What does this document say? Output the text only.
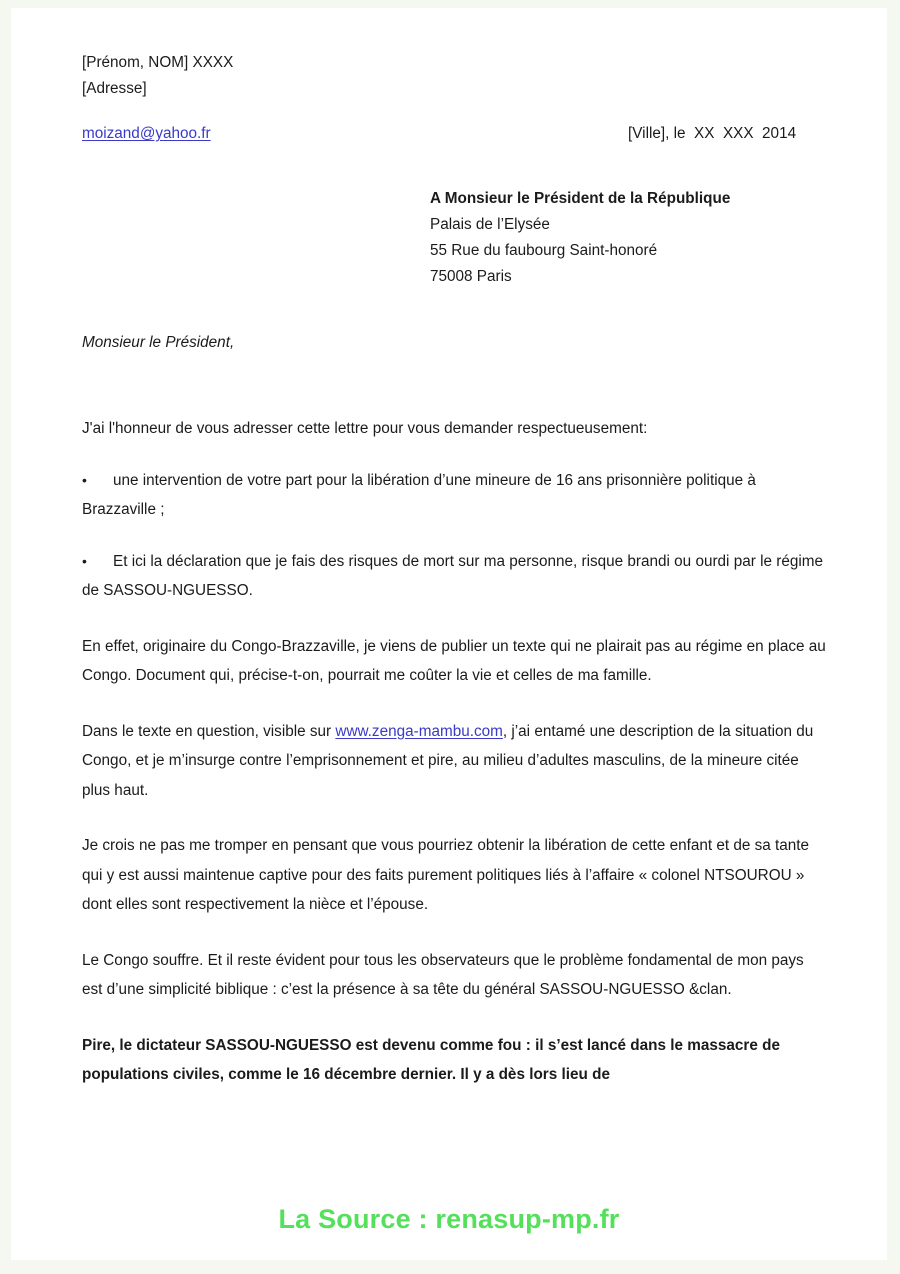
[Prénom, NOM] XXXX
[Adresse]
moizand@yahoo.fr	[Ville], le  XX  XXX  2014
A Monsieur le Président de la République
Palais de l’Elysée
55 Rue du faubourg Saint-honoré
75008 Paris
Monsieur le Président,
J'ai l'honneur de vous adresser cette lettre pour vous demander respectueusement:
•une intervention de votre part pour la libération d’une mineure de 16 ans prisonnière politique à Brazzaville ;
•Et ici la déclaration que je fais des risques de mort sur ma personne, risque brandi ou ourdi par le régime de SASSOU-NGUESSO.
En effet, originaire du Congo-Brazzaville, je viens de publier un texte qui ne plairait pas au régime en place au Congo. Document qui, précise-t-on, pourrait me coûter la vie et celles de ma famille.
Dans le texte en question, visible sur www.zenga-mambu.com, j’ai entamé une description de la situation du Congo, et je m’insurge contre l’emprisonnement et pire, au milieu d’adultes masculins, de la mineure citée plus haut.
Je crois ne pas me tromper en pensant que vous pourriez obtenir la libération de cette enfant et de sa tante qui y est aussi maintenue captive pour des faits purement politiques liés à l’affaire « colonel NTSOUROU » dont elles sont respectivement la nièce et l’épouse.
Le Congo souffre. Et il reste évident pour tous les observateurs que le problème fondamental de mon pays est d’une simplicité biblique : c’est la présence à sa tête du général SASSOU-NGUESSO &clan.
Pire, le dictateur SASSOU-NGUESSO est devenu comme fou : il s’est lancé dans le massacre de populations civiles, comme le 16 décembre dernier. Il y a dès lors lieu de
La Source : renasup-mp.fr
